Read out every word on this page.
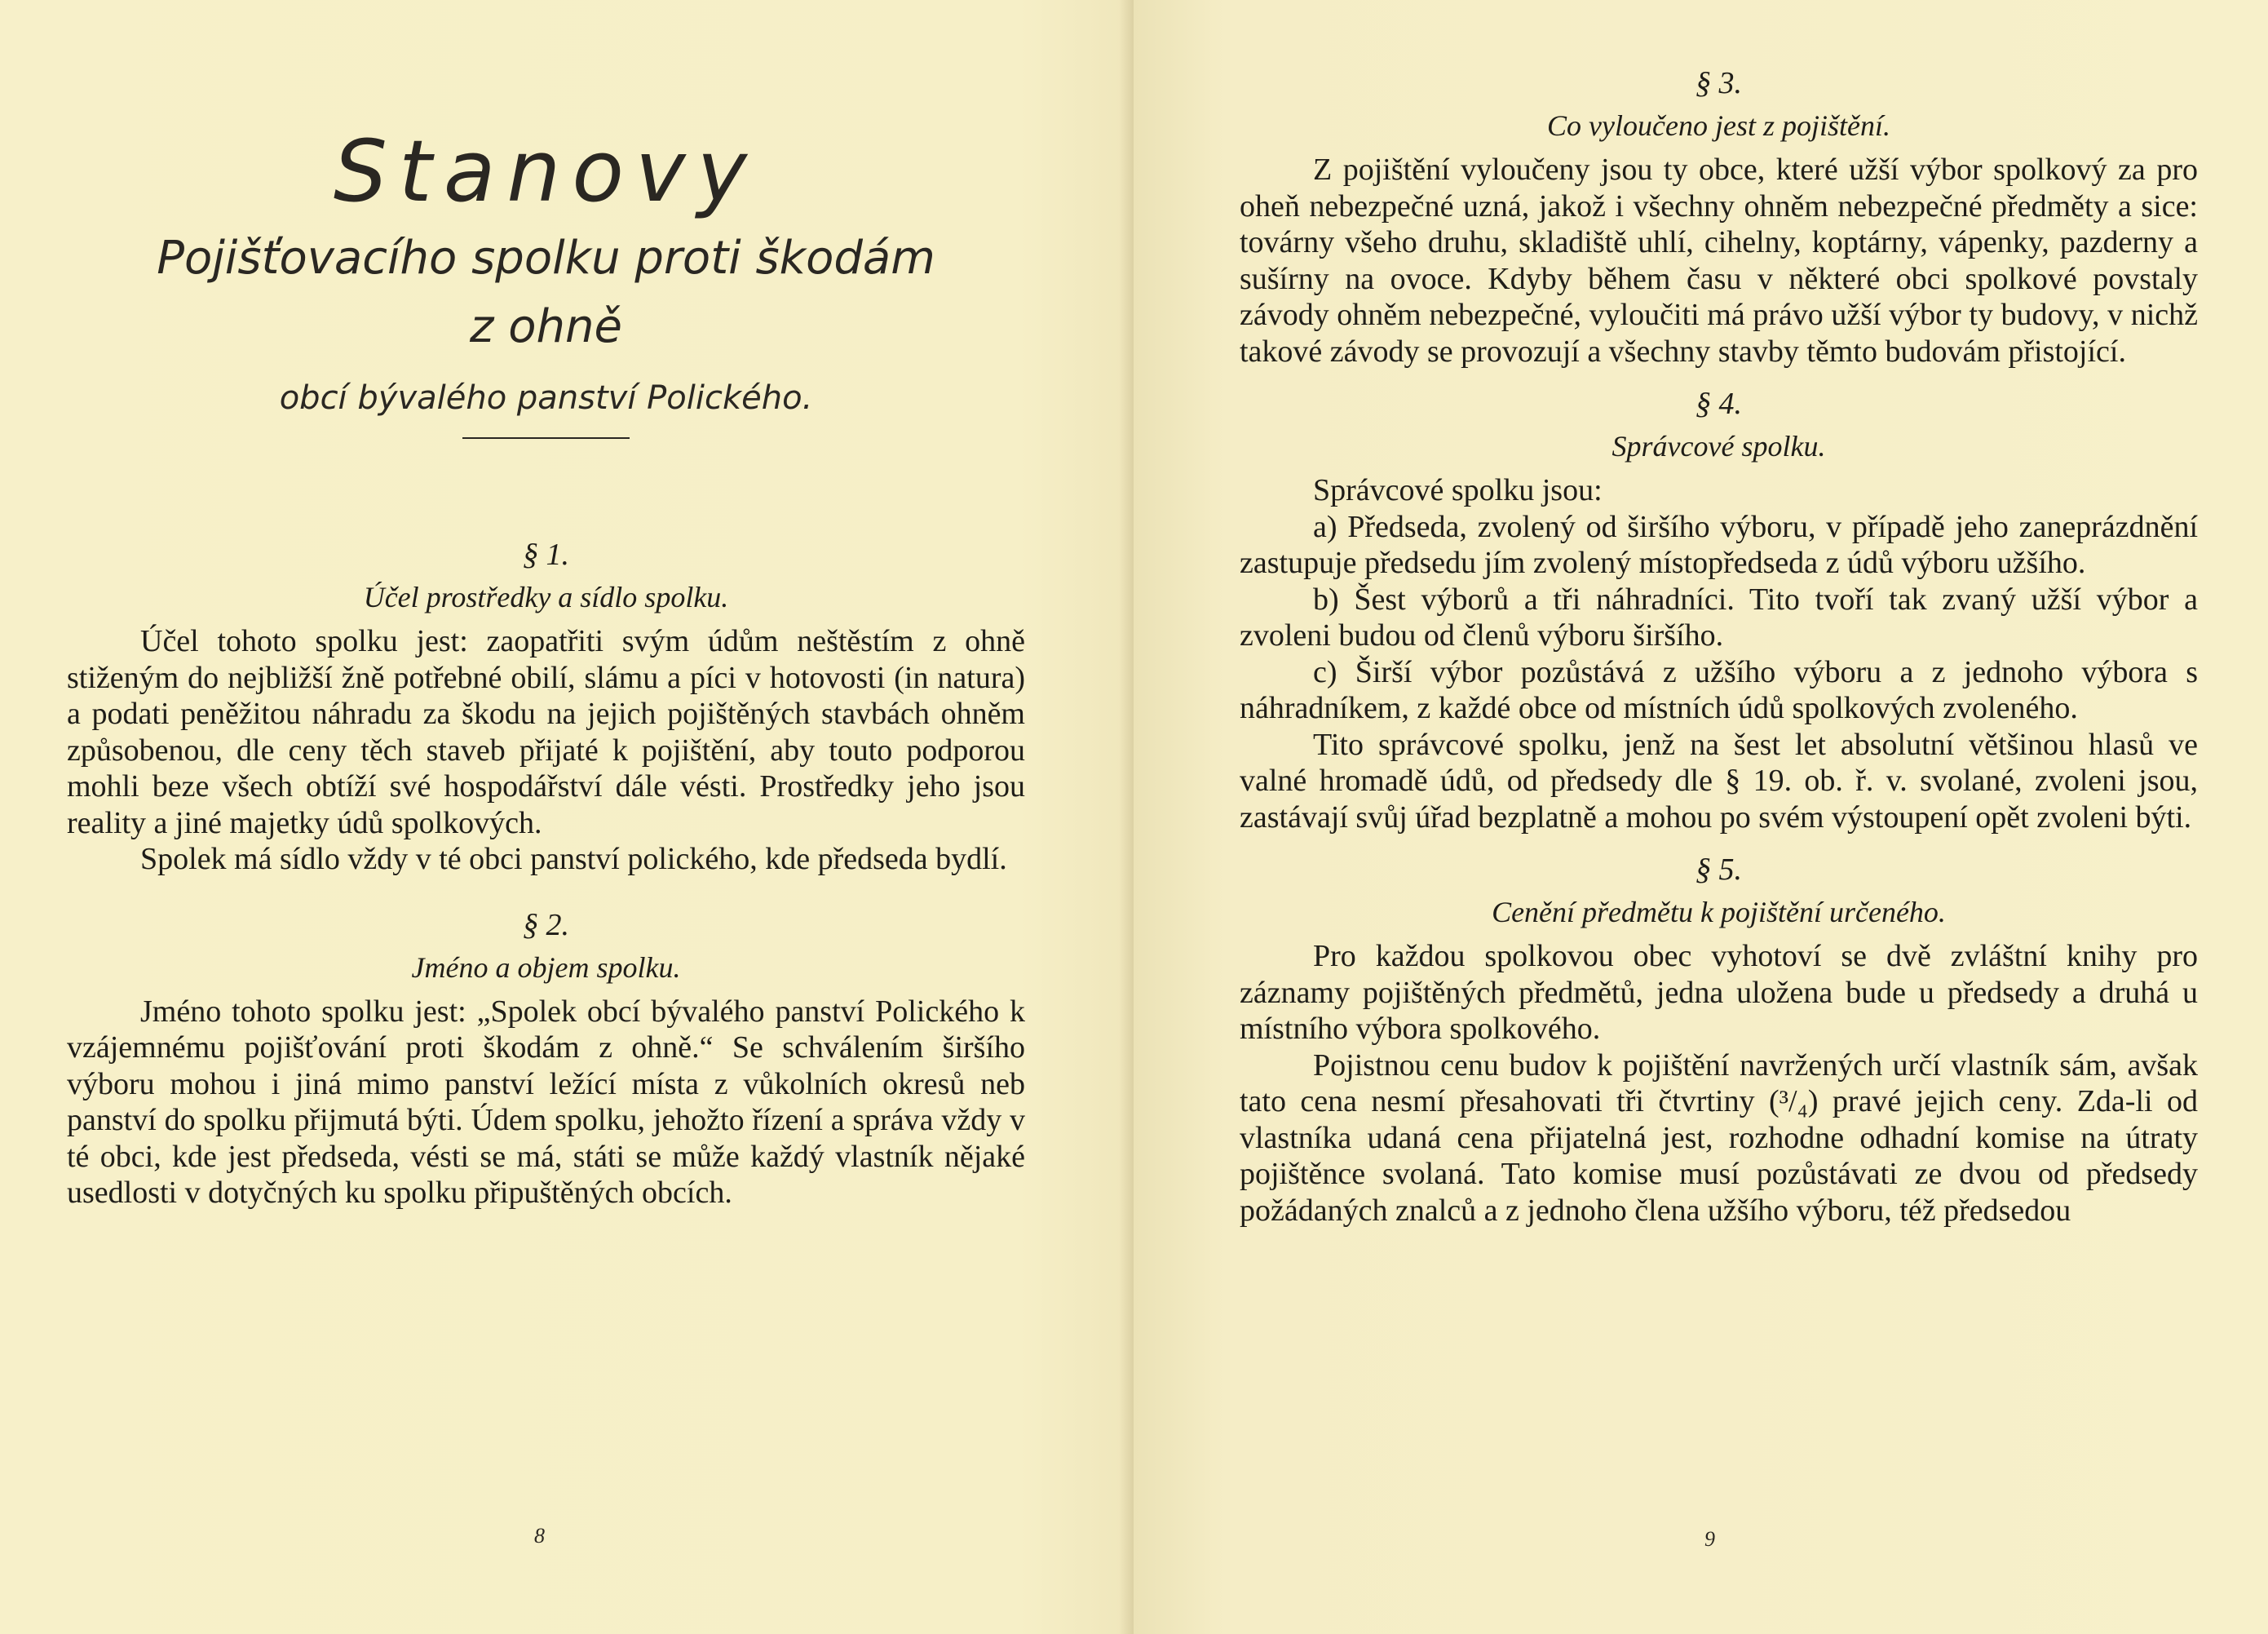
Stanovy

Pojišťovacího spolku proti škodám

z ohně

obcí bývalého panství Polického.

§ 1.

Účel prostředky a sídlo spolku.

Účel tohoto spolku jest: zaopatřiti svým údům neštěstím z ohně stiženým do nejbližší žně potřebné obilí, slámu a píci v hotovosti (in natura) a podati peněžitou náhradu za škodu na jejich pojištěných stavbách ohněm způsobenou, dle ceny těch staveb přijaté k pojištění, aby touto podporou mohli beze všech obtíží své hospodářství dále vésti. Prostředky jeho jsou reality a jiné majetky údů spolkových.

Spolek má sídlo vždy v té obci panství polického, kde předseda bydlí.

§ 2.

Jméno a objem spolku.

Jméno tohoto spolku jest: „Spolek obcí bývalého panství Polického k vzájemnému pojišťování proti škodám z ohně.“ Se schválením širšího výboru mohou i jiná mimo panství ležící místa z vůkolních okresů neb panství do spolku přijmutá býti. Údem spolku, jehožto řízení a správa vždy v té obci, kde jest předseda, vésti se má, státi se může každý vlastník nějaké usedlosti v dotyčných ku spolku připuštěných obcích.

8

§ 3.

Co vyloučeno jest z pojištění.

Z pojištění vyloučeny jsou ty obce, které užší výbor spolkový za pro oheň nebezpečné uzná, jakož i všechny ohněm nebezpečné předměty a sice: továrny všeho druhu, skladiště uhlí, cihelny, koptárny, vápenky, pazderny a sušírny na ovoce. Kdyby během času v některé obci spolkové povstaly závody ohněm nebezpečné, vyloučiti má právo užší výbor ty budovy, v nichž takové závody se provozují a všechny stavby těmto budovám přistojící.

§ 4.

Správcové spolku.

Správcové spolku jsou:

a) Předseda, zvolený od širšího výboru, v případě jeho zaneprázdnění zastupuje předsedu jím zvolený místopředseda z údů výboru užšího.

b) Šest výborů a tři náhradníci. Tito tvoří tak zvaný užší výbor a zvoleni budou od členů výboru širšího.

c) Širší výbor pozůstává z užšího výboru a z jednoho výbora s náhradníkem, z každé obce od místních údů spolkových zvoleného.

Tito správcové spolku, jenž na šest let absolutní většinou hlasů ve valné hromadě údů, od předsedy dle § 19. ob. ř. v. svolané, zvoleni jsou, zastávají svůj úřad bezplatně a mohou po svém výstoupení opět zvoleni býti.

§ 5.

Cenění předmětu k pojištění určeného.

Pro každou spolkovou obec vyhotoví se dvě zvláštní knihy pro záznamy pojištěných předmětů, jedna uložena bude u předsedy a druhá u místního výbora spolkového.

Pojistnou cenu budov k pojištění navržených určí vlastník sám, avšak tato cena nesmí přesahovati tři čtvrtiny (³/₄) pravé jejich ceny. Zda-li od vlastníka udaná cena přijatelná jest, rozhodne odhadní komise na útraty pojištěnce svolaná. Tato komise musí pozůstávati ze dvou od předsedy požádaných znalců a z jednoho člena užšího výboru, též předsedou

9
